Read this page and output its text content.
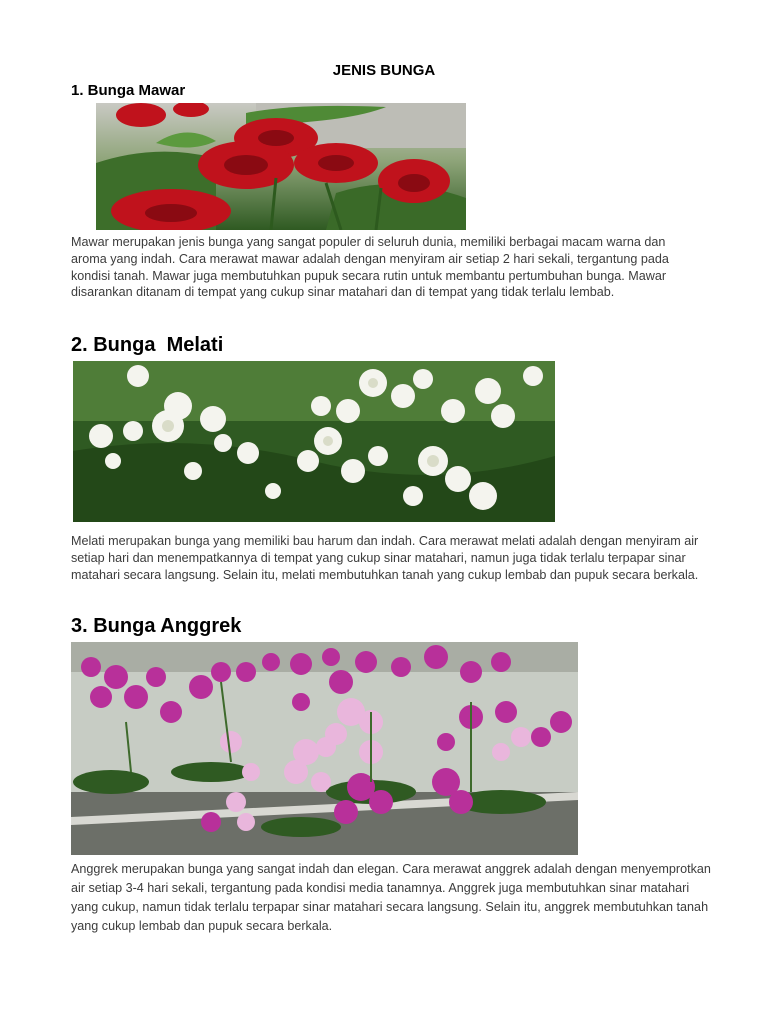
JENIS BUNGA
1. Bunga Mawar

Mawar merupakan jenis bunga yang sangat populer di seluruh dunia, memiliki berbagai macam warna dan aroma yang indah. Cara merawat mawar adalah dengan menyiram air setiap 2 hari sekali, tergantung pada kondisi tanah. Mawar juga membutuhkan pupuk secara rutin untuk membantu pertumbuhan bunga. Mawar disarankan ditanam di tempat yang cukup sinar matahari dan di tempat yang tidak terlalu lembab.

2. Bunga  Melati

Melati merupakan bunga yang memiliki bau harum dan indah. Cara merawat melati adalah dengan menyiram air setiap hari dan menempatkannya di tempat yang cukup sinar matahari, namun juga tidak terlalu terpapar sinar matahari secara langsung. Selain itu, melati membutuhkan tanah yang cukup lembab dan pupuk secara berkala.

3. Bunga Anggrek

Anggrek merupakan bunga yang sangat indah dan elegan. Cara merawat anggrek adalah dengan menyemprotkan air setiap 3-4 hari sekali, tergantung pada kondisi media tanamnya. Anggrek juga membutuhkan sinar matahari yang cukup, namun tidak terlalu terpapar sinar matahari secara langsung. Selain itu, anggrek membutuhkan tanah yang cukup lembab dan pupuk secara berkala.
